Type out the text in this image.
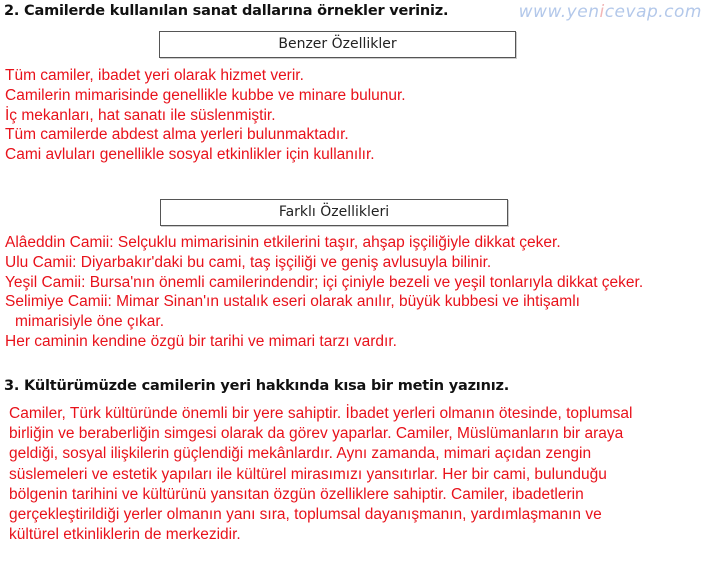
2. Camilerde kullanılan sanat dallarına örnekler veriniz.	www.yenicevap.com
Benzer Özellikler
Tüm camiler, ibadet yeri olarak hizmet verir.
Camilerin mimarisinde genellikle kubbe ve minare bulunur.
İç mekanları, hat sanatı ile süslenmiştir.
Tüm camilerde abdest alma yerleri bulunmaktadır.
Cami avluları genellikle sosyal etkinlikler için kullanılır.
Farklı Özellikleri
Alâeddin Camii: Selçuklu mimarisinin etkilerini taşır, ahşap işçiliğiyle dikkat çeker.
Ulu Camii: Diyarbakır'daki bu cami, taş işçiliği ve geniş avlusuyla bilinir.
Yeşil Camii: Bursa'nın önemli camilerindendir; içi çiniyle bezeli ve yeşil tonlarıyla dikkat çeker.
Selimiye Camii: Mimar Sinan'ın ustalık eseri olarak anılır, büyük kubbesi ve ihtişamlı
mimarisiyle öne çıkar.
Her caminin kendine özgü bir tarihi ve mimari tarzı vardır.
3. Kültürümüzde camilerin yeri hakkında kısa bir metin yazınız.

Camiler, Türk kültüründe önemli bir yere sahiptir. İbadet yerleri olmanın ötesinde, toplumsal
birliğin ve beraberliğin simgesi olarak da görev yaparlar. Camiler, Müslümanların bir araya
geldiği, sosyal ilişkilerin güçlendiği mekânlardır. Aynı zamanda, mimari açıdan zengin
süslemeleri ve estetik yapıları ile kültürel mirasımızı yansıtırlar. Her bir cami, bulunduğu
bölgenin tarihini ve kültürünü yansıtan özgün özelliklere sahiptir. Camiler, ibadetlerin
gerçekleştirildiği yerler olmanın yanı sıra, toplumsal dayanışmanın, yardımlaşmanın ve
kültürel etkinliklerin de merkezidir.
